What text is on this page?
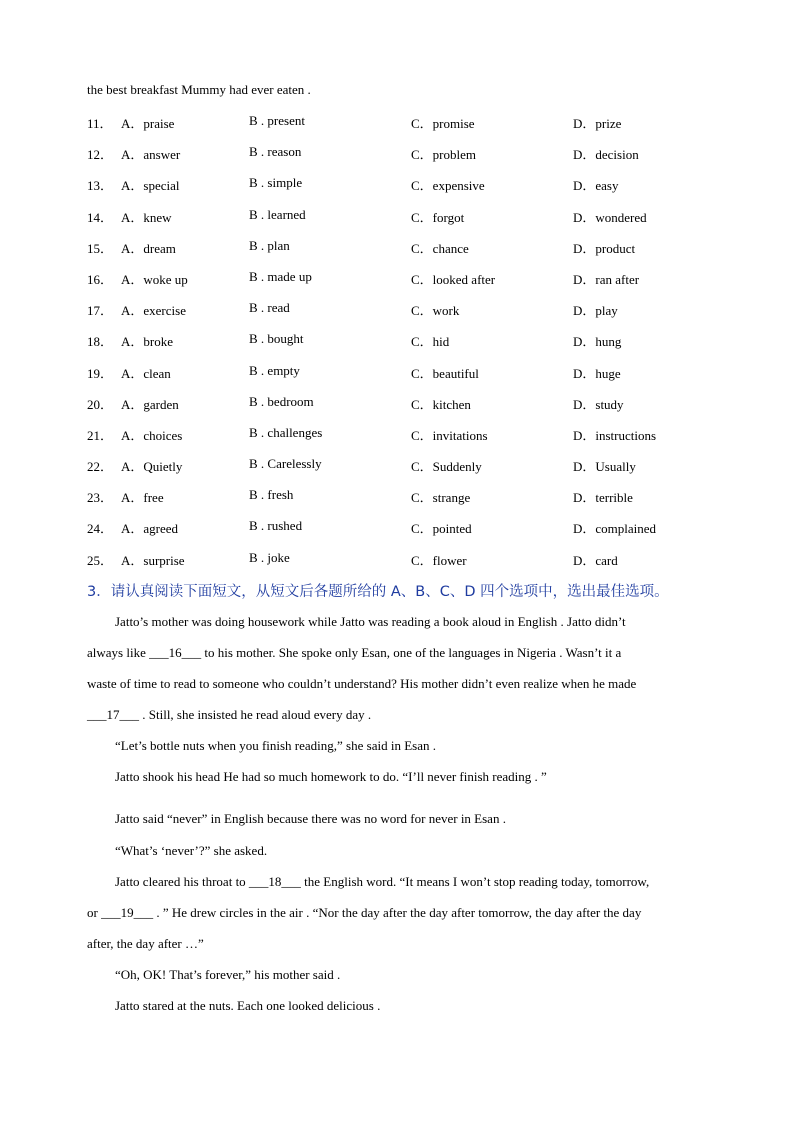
the best breakfast Mummy had ever eaten .
11． A．praise	B . present	C．promise	D．prize
12． A．answer	B . reason	C．problem	D．decision
13． A．special	B . simple	C．expensive	D．easy
14． A．knew	B . learned	C．forgot	D．wondered
15． A．dream	B . plan	C．chance	D．product
16． A．woke up	B . made up	C．looked after	D．ran after
17． A．exercise	B . read	C．work	D．play
18． A．broke	B . bought	C．hid	D．hung
19． A．clean	B . empty	C．beautiful	D．huge
20． A．garden	B . bedroom	C．kitchen	D．study
21． A．choices	B . challenges	C．invitations	D．instructions
22． A．Quietly	B . Carelessly	C．Suddenly	D．Usually
23． A．free	B . fresh	C．strange	D．terrible
24． A．agreed	B . rushed	C．pointed	D．complained
25． A．surprise	B . joke	C．flower	D．card
3．请认真阅读下面短文，从短文后各题所给的 A、B、C、D 四个选项中，选出最佳选项。
Jatto’s mother was doing housework while Jatto was reading a book aloud in English . Jatto didn’t
always like ___16___ to his mother. She spoke only Esan, one of the languages in Nigeria . Wasn’t it a
waste of time to read to someone who couldn’t understand? His mother didn’t even realize when he made
___17___ . Still, she insisted he read aloud every day .
“Let’s bottle nuts when you finish reading,” she said in Esan .
Jatto shook his head He had so much homework to do. “I’ll never finish reading . ”
Jatto said “never” in English because there was no word for never in Esan .
“What’s ‘never’?” she asked.
Jatto cleared his throat to ___18___ the English word. “It means I won’t stop reading today, tomorrow,
or ___19___ . ” He drew circles in the air . “Nor the day after the day after tomorrow, the day after the day
after, the day after …”
“Oh, OK! That’s forever,” his mother said .
Jatto stared at the nuts. Each one looked delicious .
